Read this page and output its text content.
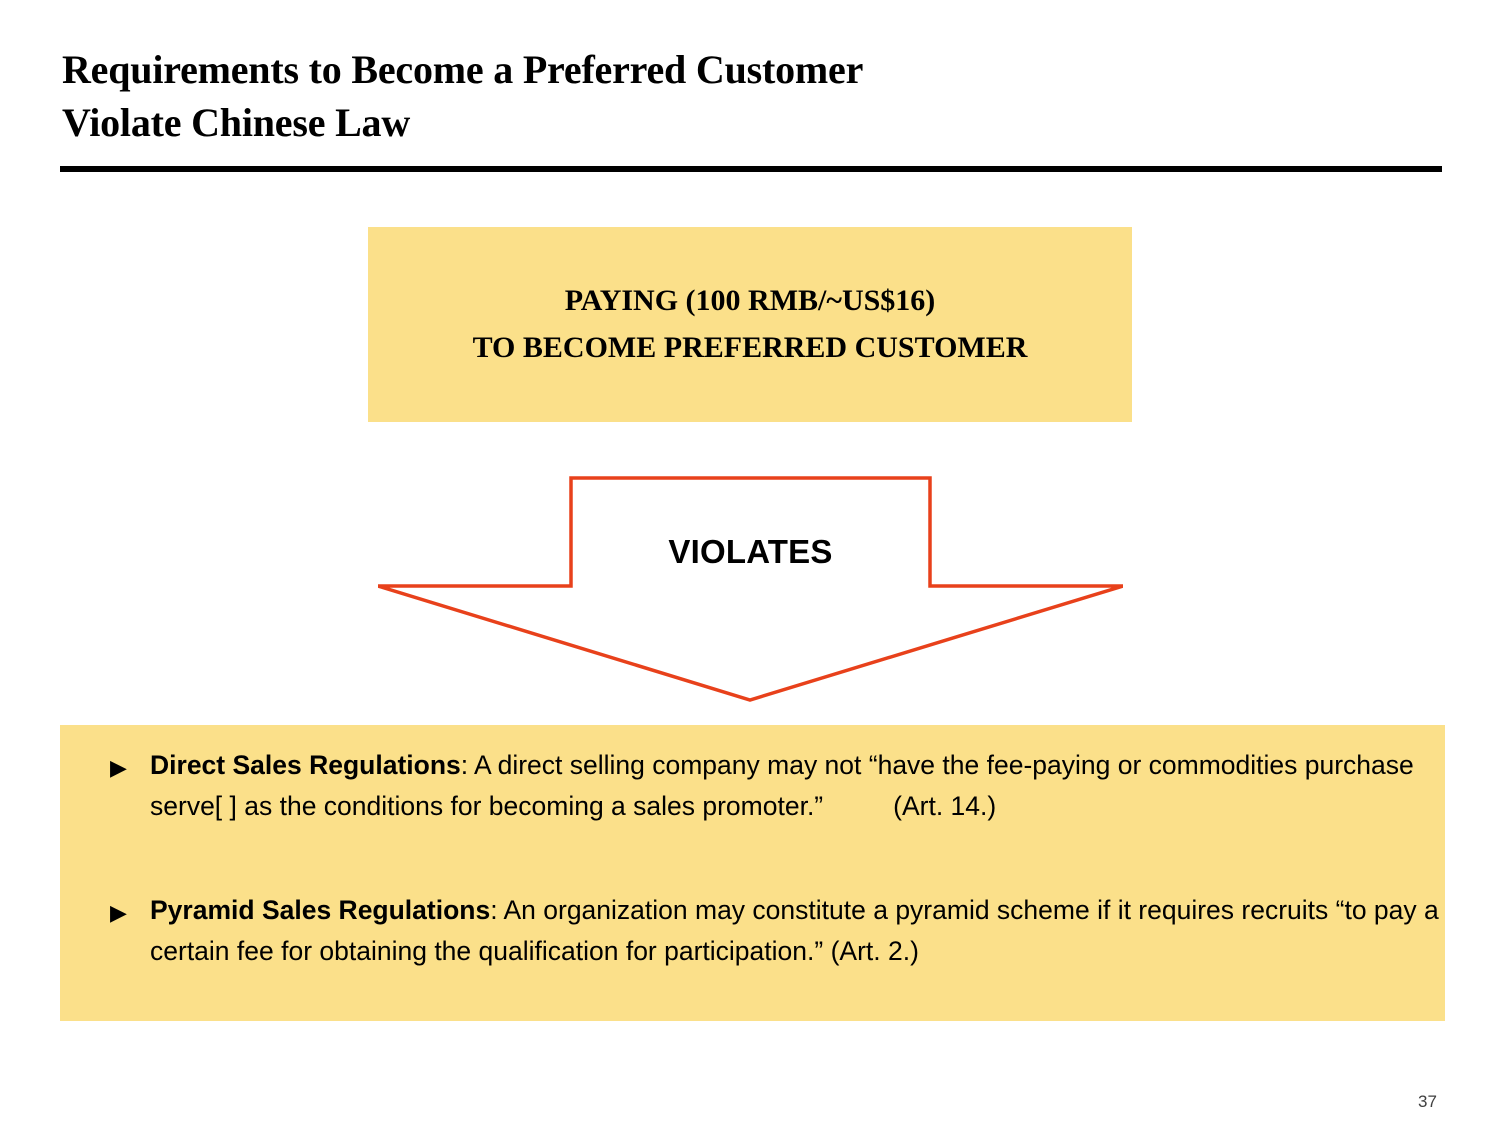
Requirements to Become a Preferred Customer
Violate Chinese Law
PAYING (100 RMB/~US$16)
TO BECOME PREFERRED CUSTOMER
VIOLATES
▶ Direct Sales Regulations: A direct selling company may not “have the fee-paying or commodities purchase serve[ ] as the conditions for becoming a sales promoter.”	(Art. 14.)
▶ Pyramid Sales Regulations: An organization may constitute a pyramid scheme if it requires recruits “to pay a certain fee for obtaining the qualification for participation.” (Art. 2.)
37
